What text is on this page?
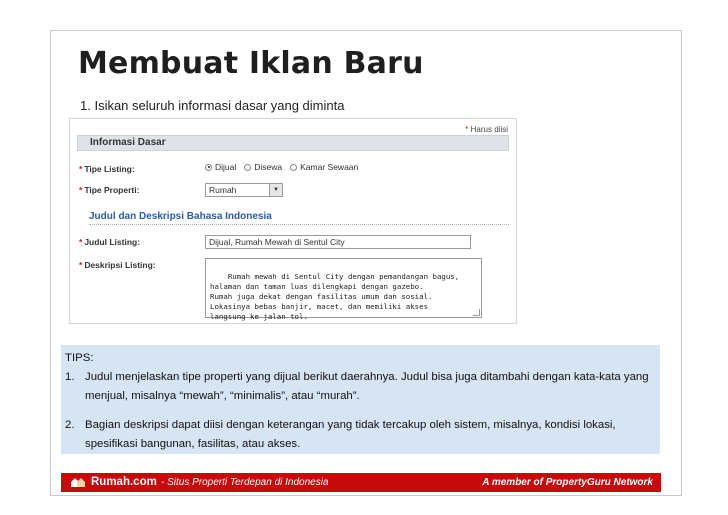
Membuat Iklan Baru
1. Isikan seluruh informasi dasar yang diminta
* Harus diisi
Informasi Dasar
* Tipe Listing:	Dijual Disewa Kamar Sewaan
* Tipe Properti:	Rumah	▼
Judul dan Deskripsi Bahasa Indonesia
* Judul Listing:	Dijual, Rumah Mewah di Sentul City
* Deskripsi Listing:

Rumah mewah di Sentul City dengan pemandangan bagus,
halaman dan taman luas dilengkapi dengan gazebo.
Rumah juga dekat dengan fasilitas umum dan sosial.
Lokasinya bebas banjir, macet, dan memiliki akses
langsung ke jalan tol.

TIPS:
1. Judul menjelaskan tipe properti yang dijual berikut daerahnya. Judul bisa juga ditambahi dengan kata-kata yang menjual, misalnya “mewah”, “minimalis”, atau “murah”.
2. Bagian deskripsi dapat diisi dengan keterangan yang tidak tercakup oleh sistem, misalnya, kondisi lokasi, spesifikasi bangunan, fasilitas, atau akses.
Rumah.com - Situs Properti Terdepan di Indonesia	A member of PropertyGuru Network
